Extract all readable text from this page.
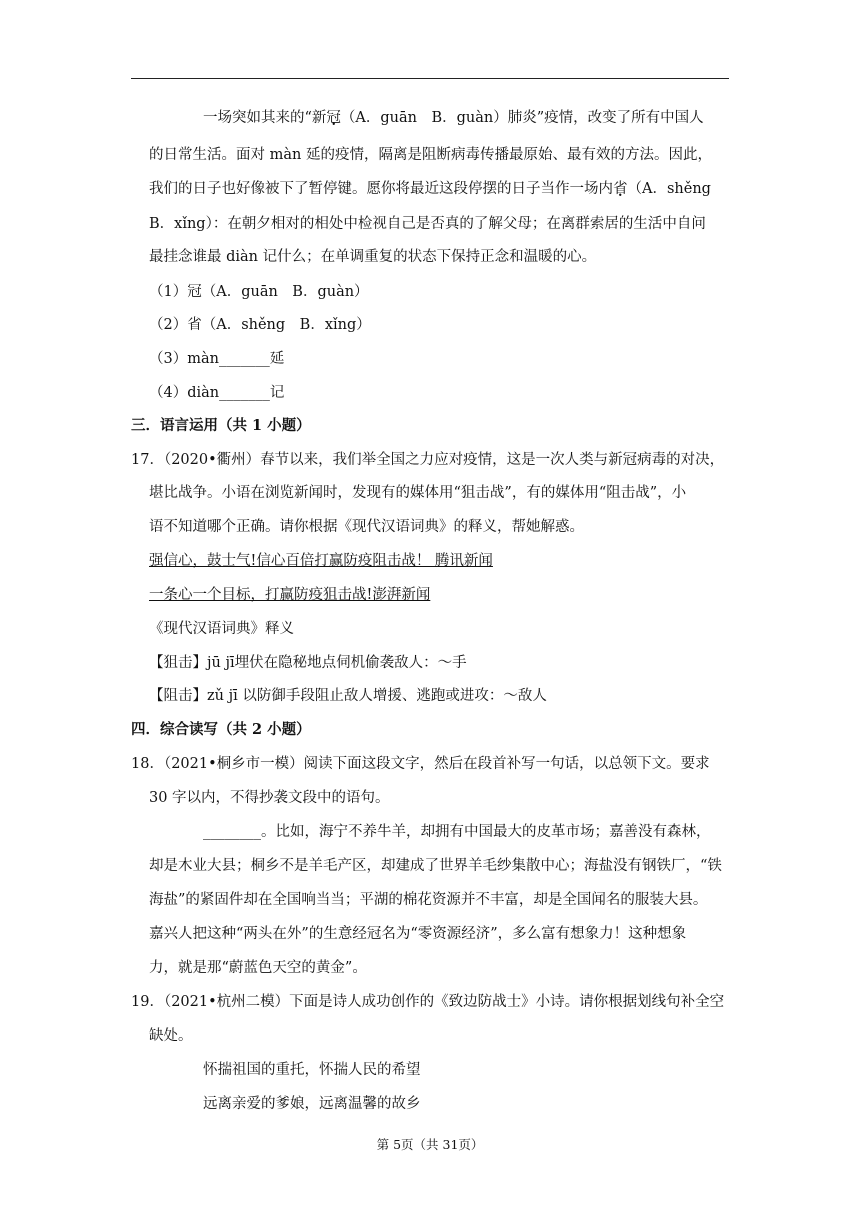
一场突如其来的“新冠（A．guān　B．guàn）肺炎”疫情，改变了所有中国人
的日常生活。面对 màn 延的疫情，隔离是阻断病毒传播最原始、最有效的方法。因此，
我们的日子也好像被下了暂停键。愿你将最近这段停摆的日子当作一场内省（A．shěng
B．xǐng）：在朝夕相对的相处中检视自己是否真的了解父母；在离群索居的生活中自问
最挂念谁最 diàn 记什么；在单调重复的状态下保持正念和温暖的心。
（1）冠（A．guān　B．guàn）
（2）省（A．shěng　B．xǐng）
（3）màn_______延
（4）diàn_______记
三．语言运用（共 1 小题）
17．（2020•衢州）春节以来，我们举全国之力应对疫情，这是一次人类与新冠病毒的对决，
堪比战争。小语在浏览新闻时，发现有的媒体用“狙击战”，有的媒体用“阻击战”，小
语不知道哪个正确。请你根据《现代汉语词典》的释义，帮她解惑。
强信心，鼓士气!信心百倍打赢防疫阻击战！ 腾讯新闻
一条心一个目标，打赢防疫狙击战!澎湃新闻
《现代汉语词典》释义
【狙击】jū jī埋伏在隐秘地点伺机偷袭敌人：～手
【阻击】zǔ jī 以防御手段阻止敌人增援、逃跑或进攻：～敌人
四．综合读写（共 2 小题）
18．（2021•桐乡市一模）阅读下面这段文字，然后在段首补写一句话，以总领下文。要求
30 字以内，不得抄袭文段中的语句。
________。比如，海宁不养牛羊，却拥有中国最大的皮革市场；嘉善没有森林，
却是木业大县；桐乡不是羊毛产区，却建成了世界羊毛纱集散中心；海盐没有钢铁厂，“铁
海盐”的紧固件却在全国响当当；平湖的棉花资源并不丰富，却是全国闻名的服装大县。
嘉兴人把这种“两头在外”的生意经冠名为“零资源经济”，多么富有想象力！这种想象
力，就是那“蔚蓝色天空的黄金”。
19．（2021•杭州二模）下面是诗人成功创作的《致边防战士》小诗。请你根据划线句补全空
缺处。
怀揣祖国的重托，怀揣人民的希望
远离亲爱的爹娘，远离温馨的故乡
第 5页（共 31页）
